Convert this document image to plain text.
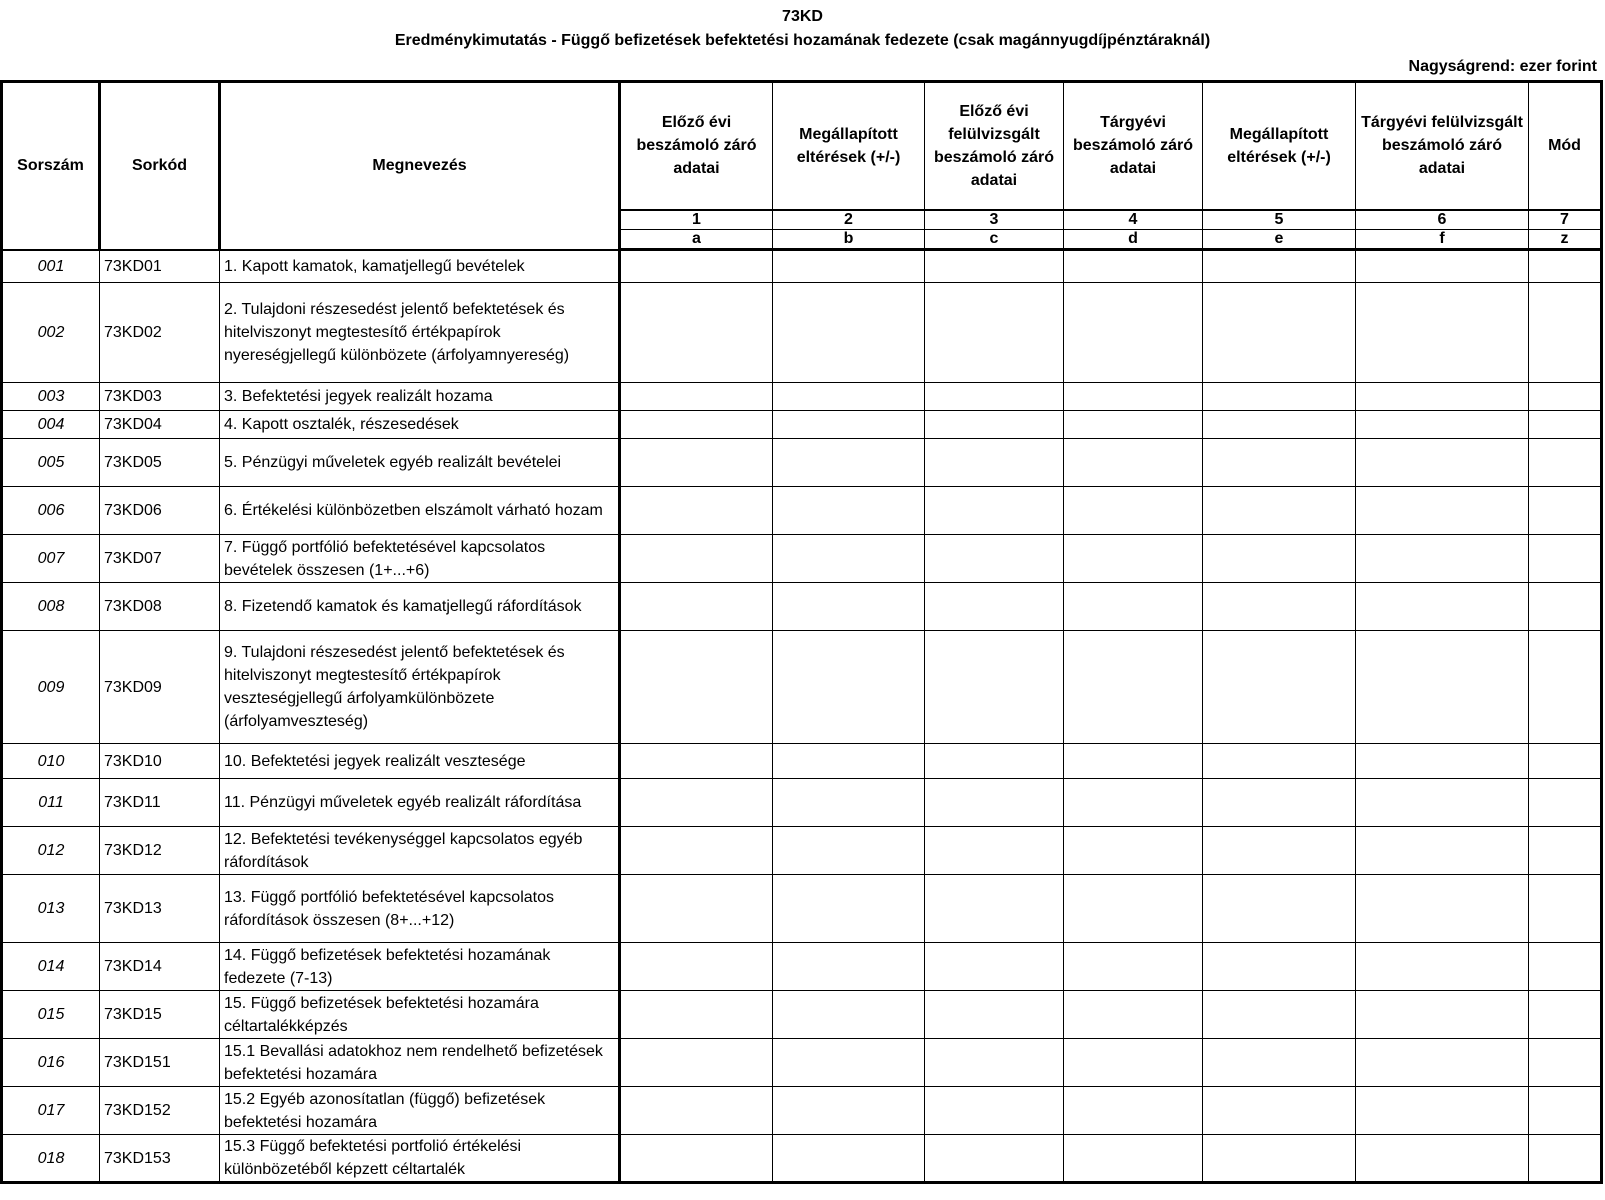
73KD
Eredménykimutatás - Függő befizetések befektetési hozamának fedezete (csak magánnyugdíjpénztáraknál)
Nagyságrend: ezer forint
Sorszám	Sorkód	Megnevezés	Előző évi beszámoló záró adatai	Megállapított eltérések (+/-)	Előző évi felülvizsgált beszámoló záró adatai	Tárgyévi beszámoló záró adatai	Megállapított eltérések (+/-)	Tárgyévi felülvizsgált beszámoló záró adatai	Mód
			1	2	3	4	5	6	7
			a	b	c	d	e	f	z
001	73KD01	1. Kapott kamatok, kamatjellegű bevételek							
002	73KD02	2. Tulajdoni részesedést jelentő befektetések és hitelviszonyt megtestesítő értékpapírok nyereségjellegű különbözete (árfolyamnyereség)							
003	73KD03	3. Befektetési jegyek realizált hozama							
004	73KD04	4. Kapott osztalék, részesedések							
005	73KD05	5. Pénzügyi műveletek egyéb realizált bevételei							
006	73KD06	6. Értékelési különbözetben elszámolt várható hozam							
007	73KD07	7. Függő portfólió befektetésével kapcsolatos bevételek összesen (1+...+6)							
008	73KD08	8. Fizetendő kamatok és kamatjellegű ráfordítások							
009	73KD09	9. Tulajdoni részesedést jelentő befektetések és hitelviszonyt megtestesítő értékpapírok veszteségjellegű árfolyamkülönbözete (árfolyamveszteség)							
010	73KD10	10. Befektetési jegyek realizált vesztesége							
011	73KD11	11. Pénzügyi műveletek egyéb realizált ráfordítása							
012	73KD12	12. Befektetési tevékenységgel kapcsolatos egyéb ráfordítások							
013	73KD13	13. Függő portfólió befektetésével kapcsolatos ráfordítások összesen (8+...+12)							
014	73KD14	14. Függő befizetések befektetési hozamának fedezete (7-13)							
015	73KD15	15. Függő befizetések befektetési hozamára céltartalékképzés							
016	73KD151	15.1 Bevallási adatokhoz nem rendelhető befizetések befektetési hozamára							
017	73KD152	15.2 Egyéb azonosítatlan (függő) befizetések befektetési hozamára							
018	73KD153	15.3 Függő befektetési portfolió értékelési különbözetéből képzett céltartalék							
